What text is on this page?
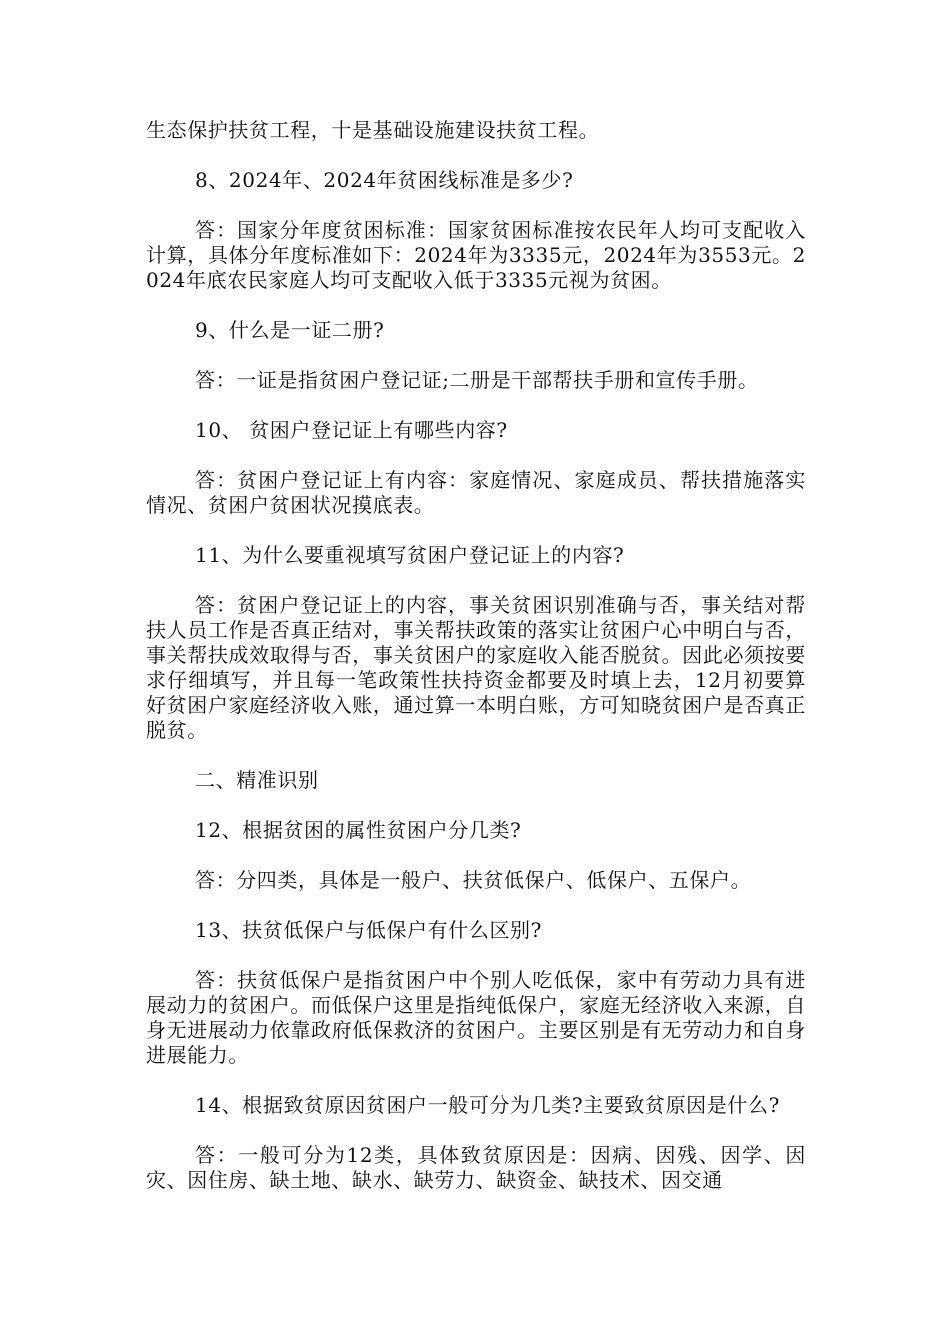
生态保护扶贫工程，十是基础设施建设扶贫工程。

8、2024年、2024年贫困线标准是多少?

答：国家分年度贫困标准：国家贫困标准按农民年人均可支配收入计算，具体分年度标准如下：2024年为3335元，2024年为3553元。2024年底农民家庭人均可支配收入低于3335元视为贫困。

9、什么是一证二册?

答：一证是指贫困户登记证;二册是干部帮扶手册和宣传手册。

10、 贫困户登记证上有哪些内容?

答：贫困户登记证上有内容：家庭情况、家庭成员、帮扶措施落实情况、贫困户贫困状况摸底表。

11、为什么要重视填写贫困户登记证上的内容?

答：贫困户登记证上的内容，事关贫困识别准确与否，事关结对帮扶人员工作是否真正结对，事关帮扶政策的落实让贫困户心中明白与否，事关帮扶成效取得与否，事关贫困户的家庭收入能否脱贫。因此必须按要求仔细填写，并且每一笔政策性扶持资金都要及时填上去，12月初要算好贫困户家庭经济收入账，通过算一本明白账，方可知晓贫困户是否真正脱贫。

二、精准识别

12、根据贫困的属性贫困户分几类?

答：分四类，具体是一般户、扶贫低保户、低保户、五保户。

13、扶贫低保户与低保户有什么区别?

答：扶贫低保户是指贫困户中个别人吃低保，家中有劳动力具有进展动力的贫困户。而低保户这里是指纯低保户，家庭无经济收入来源，自身无进展动力依靠政府低保救济的贫困户。主要区别是有无劳动力和自身进展能力。

14、根据致贫原因贫困户一般可分为几类?主要致贫原因是什么?

答：一般可分为12类，具体致贫原因是：因病、因残、因学、因灾、因住房、缺土地、缺水、缺劳力、缺资金、缺技术、因交通
